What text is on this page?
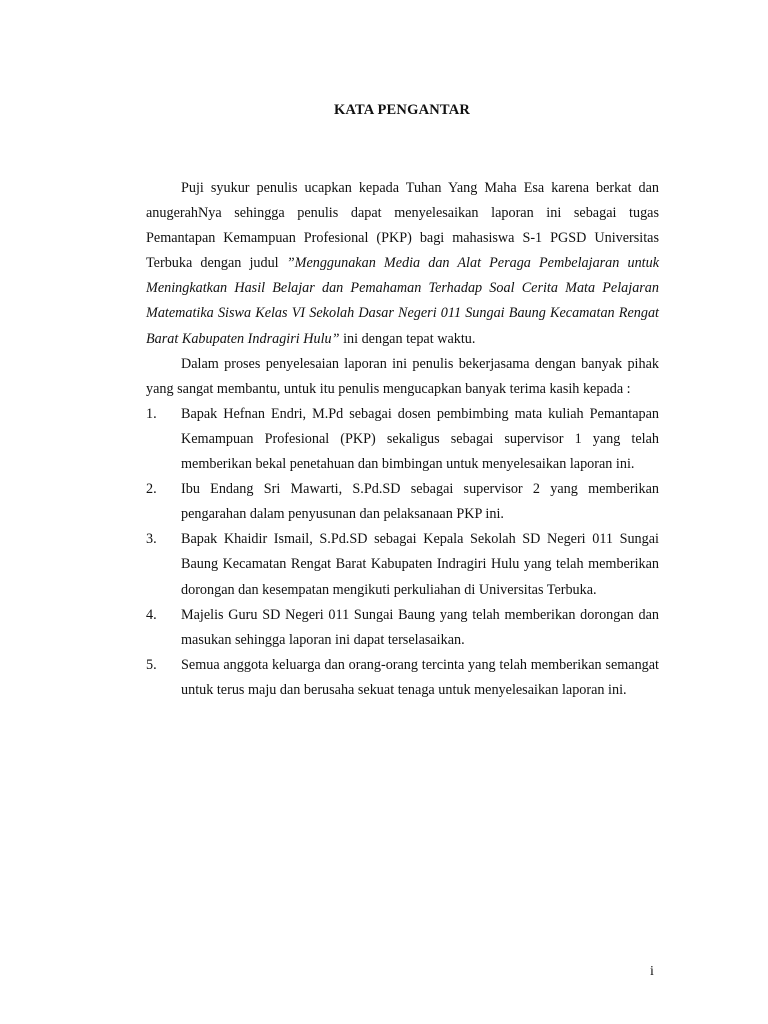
KATA PENGANTAR

Puji syukur penulis ucapkan kepada Tuhan Yang Maha Esa karena berkat dan anugerahNya sehingga penulis dapat menyelesaikan laporan ini sebagai tugas Pemantapan Kemampuan Profesional (PKP) bagi mahasiswa S-1 PGSD Universitas Terbuka dengan judul ”Menggunakan Media dan Alat Peraga Pembelajaran untuk Meningkatkan Hasil Belajar dan Pemahaman Terhadap Soal Cerita Mata Pelajaran Matematika Siswa Kelas VI Sekolah Dasar Negeri 011 Sungai Baung Kecamatan Rengat Barat Kabupaten Indragiri Hulu” ini dengan tepat waktu.

Dalam proses penyelesaian laporan ini penulis bekerjasama dengan banyak pihak yang sangat membantu, untuk itu penulis mengucapkan banyak terima kasih kepada :

1. Bapak Hefnan Endri, M.Pd sebagai dosen pembimbing mata kuliah Pemantapan Kemampuan Profesional (PKP) sekaligus sebagai supervisor 1 yang telah memberikan bekal penetahuan dan bimbingan untuk menyelesaikan laporan ini.
2. Ibu Endang Sri Mawarti, S.Pd.SD sebagai supervisor 2 yang memberikan pengarahan dalam penyusunan dan pelaksanaan PKP ini.
3. Bapak Khaidir Ismail, S.Pd.SD sebagai Kepala Sekolah SD Negeri 011 Sungai Baung Kecamatan Rengat Barat Kabupaten Indragiri Hulu yang telah memberikan dorongan dan kesempatan mengikuti perkuliahan di Universitas Terbuka.
4. Majelis Guru SD Negeri 011 Sungai Baung yang telah memberikan dorongan dan masukan sehingga laporan ini dapat terselasaikan.
5. Semua anggota keluarga dan orang-orang tercinta yang telah memberikan semangat untuk terus maju dan berusaha sekuat tenaga untuk menyelesaikan laporan ini.
i
